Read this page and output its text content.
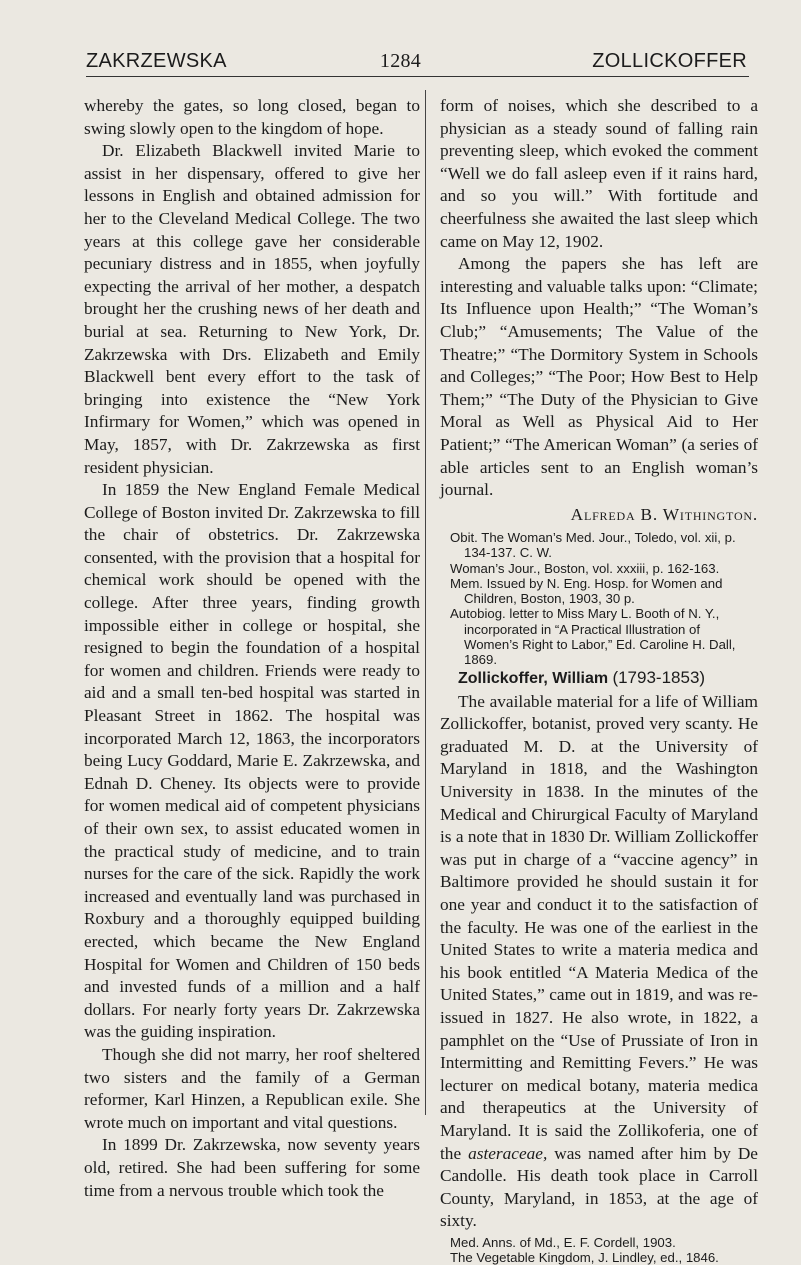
ZAKRZEWSKA	1284	ZOLLICKOFFER

whereby the gates, so long closed, began to swing slowly open to the kingdom of hope.

Dr. Elizabeth Blackwell invited Marie to assist in her dispensary, offered to give her lessons in English and obtained admission for her to the Cleveland Medical College. The two years at this college gave her considerable pecuniary distress and in 1855, when joyfully expecting the arrival of her mother, a despatch brought her the crushing news of her death and burial at sea. Returning to New York, Dr. Zakrzewska with Drs. Elizabeth and Emily Blackwell bent every effort to the task of bringing into existence the “New York Infirmary for Women,” which was opened in May, 1857, with Dr. Zakrzewska as first resident physician.

In 1859 the New England Female Medical College of Boston invited Dr. Zakrzewska to fill the chair of obstetrics. Dr. Zakrzewska consented, with the provision that a hospital for chemical work should be opened with the college. After three years, finding growth impossible either in college or hospital, she resigned to begin the foundation of a hospital for women and children. Friends were ready to aid and a small ten-bed hospital was started in Pleasant Street in 1862. The hospital was incorporated March 12, 1863, the incorporators being Lucy Goddard, Marie E. Zakrzewska, and Ednah D. Cheney. Its objects were to provide for women medical aid of competent physicians of their own sex, to assist educated women in the practical study of medicine, and to train nurses for the care of the sick. Rapidly the work increased and eventually land was purchased in Roxbury and a thoroughly equipped building erected, which became the New England Hospital for Women and Children of 150 beds and invested funds of a million and a half dollars. For nearly forty years Dr. Zakrzewska was the guiding inspiration.

Though she did not marry, her roof sheltered two sisters and the family of a German reformer, Karl Hinzen, a Republican exile. She wrote much on important and vital questions.

In 1899 Dr. Zakrzewska, now seventy years old, retired. She had been suffering for some time from a nervous trouble which took the

form of noises, which she described to a physician as a steady sound of falling rain preventing sleep, which evoked the comment “Well we do fall asleep even if it rains hard, and so you will.” With fortitude and cheerfulness she awaited the last sleep which came on May 12, 1902.

Among the papers she has left are interesting and valuable talks upon: “Climate; Its Influence upon Health;” “The Woman’s Club;” “Amusements; The Value of the Theatre;” “The Dormitory System in Schools and Colleges;” “The Poor; How Best to Help Them;” “The Duty of the Physician to Give Moral as Well as Physical Aid to Her Patient;” “The American Woman” (a series of able articles sent to an English woman’s journal.

Alfreda B. Withington.
Obit. The Woman’s Med. Jour., Toledo, vol. xii, p. 134-137. C. W.
Woman’s Jour., Boston, vol. xxxiii, p. 162-163.
Mem. Issued by N. Eng. Hosp. for Women and Children, Boston, 1903, 30 p.
Autobiog. letter to Miss Mary L. Booth of N. Y., incorporated in “A Practical Illustration of Women’s Right to Labor,” Ed. Caroline H. Dall, 1869.

Zollickoffer, William (1793-1853)

The available material for a life of William Zollickoffer, botanist, proved very scanty. He graduated M. D. at the University of Maryland in 1818, and the Washington University in 1838. In the minutes of the Medical and Chirurgical Faculty of Maryland is a note that in 1830 Dr. William Zollickoffer was put in charge of a “vaccine agency” in Baltimore provided he should sustain it for one year and conduct it to the satisfaction of the faculty. He was one of the earliest in the United States to write a materia medica and his book entitled “A Materia Medica of the United States,” came out in 1819, and was re-issued in 1827. He also wrote, in 1822, a pamphlet on the “Use of Prussiate of Iron in Intermitting and Remitting Fevers.” He was lecturer on medical botany, materia medica and therapeutics at the University of Maryland. It is said the Zollikoferia, one of the asteraceae, was named after him by De Candolle. His death took place in Carroll County, Maryland, in 1853, at the age of sixty.

Med. Anns. of Md., E. F. Cordell, 1903.
The Vegetable Kingdom, J. Lindley, ed., 1846.
